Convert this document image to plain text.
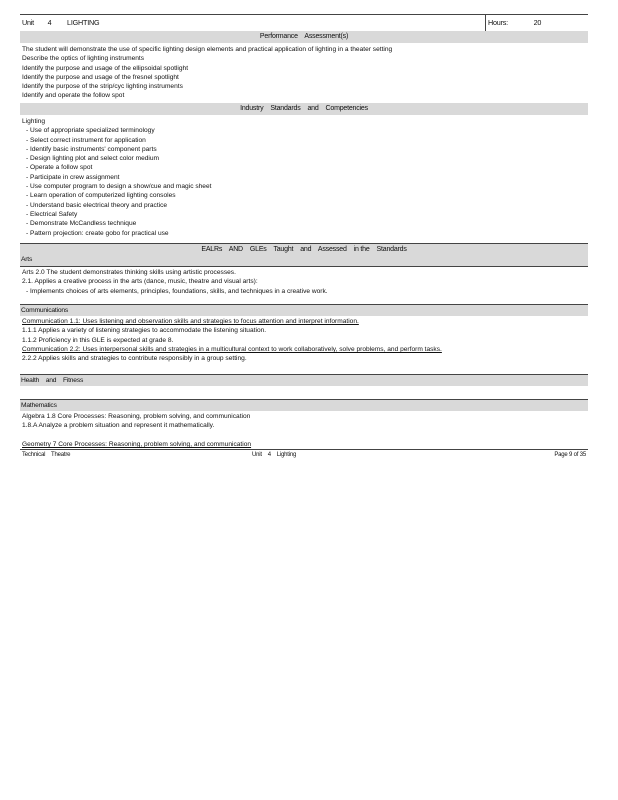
Unit 4 LIGHTING	Hours:	20
Performance    Assessment(s)
The student will demonstrate the use of specific lighting design elements and practical application of lighting in a theater setting
Describe the optics of lighting instruments
Identify the purpose and usage of the ellipsoidal spotlight
Identify the purpose and usage of the fresnel spotlight
Identify the purpose of the strip/cyc lighting instruments
Identify and operate the follow spot
Industry    Standards    and    Competencies
Lighting
- Use of appropriate specialized terminology
- Select correct instrument for application
- Identify basic instruments' component parts
- Design lighting plot and select color medium
- Operate a follow spot
- Participate in crew assignment
- Use computer program to design a show/cue and magic sheet
- Learn operation of computerized lighting consoles
- Understand basic electrical theory and practice
- Electrical Safety
- Demonstrate McCandless technique
- Pattern projection: create gobo for practical use
EALRs    AND    GLEs    Taught    and    Assessed    in the    Standards
Arts
Arts 2.0 The student demonstrates thinking skills using artistic processes.
2.1. Applies a creative process in the arts (dance, music, theatre and visual arts):
- Implements choices of arts elements, principles, foundations, skills, and techniques in a creative work.
Communications
Communication 1.1: Uses listening and observation skills and strategies to focus attention and interpret information.
1.1.1 Applies a variety of listening strategies to accommodate the listening situation.
1.1.2 Proficiency in this GLE is expected at grade 8.
Communication 2.2: Uses interpersonal skills and strategies in a multicultural context to work collaboratively, solve problems, and perform tasks.
2.2.2 Applies skills and strategies to contribute responsibly in a group setting.
Health    and    Fitness
Mathematics
Algebra 1.8 Core Processes: Reasoning, problem solving, and communication
1.8.A Analyze a problem situation and represent it mathematically.
Geometry 7 Core Processes: Reasoning, problem solving, and communication
Technical    Theatre	Unit    4    Lighting	Page 9 of 35
